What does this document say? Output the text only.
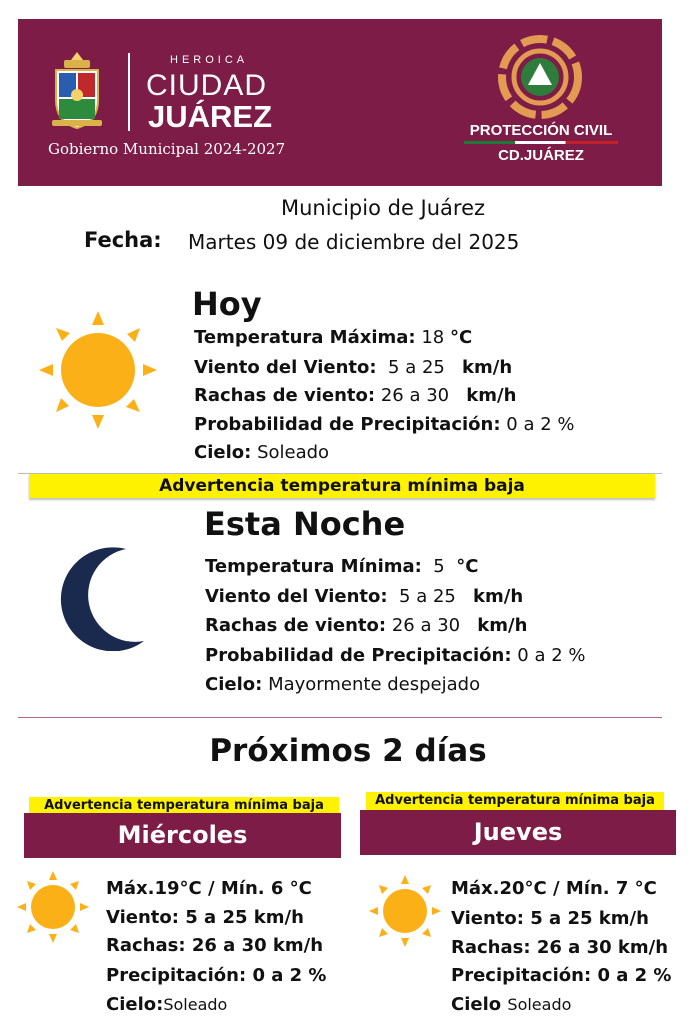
HEROICA
CIUDAD
JUÁREZ
Gobierno Municipal 2024-2027
PROTECCIÓN CIVIL
CD.JUÁREZ
Municipio de Juárez
Fecha: Martes 09 de diciembre del 2025
Hoy
Temperatura Máxima: 18 °C
Viento del Viento: 5 a 25 km/h
Rachas de viento: 26 a 30 km/h
Probabilidad de Precipitación: 0 a 2 %
Cielo: Soleado
Advertencia temperatura mínima baja
Esta Noche
Temperatura Mínima: 5 °C
Viento del Viento: 5 a 25 km/h
Rachas de viento: 26 a 30 km/h
Probabilidad de Precipitación: 0 a 2 %
Cielo: Mayormente despejado
Próximos 2 días
Advertencia temperatura mínima baja
Miércoles
Máx.19°C / Mín. 6 °C
Viento: 5 a 25 km/h
Rachas: 26 a 30 km/h
Precipitación: 0 a 2 %
Cielo:Soleado
Advertencia temperatura mínima baja
Jueves
Máx.20°C / Mín. 7 °C
Viento: 5 a 25 km/h
Rachas: 26 a 30 km/h
Precipitación: 0 a 2 %
Cielo Soleado
